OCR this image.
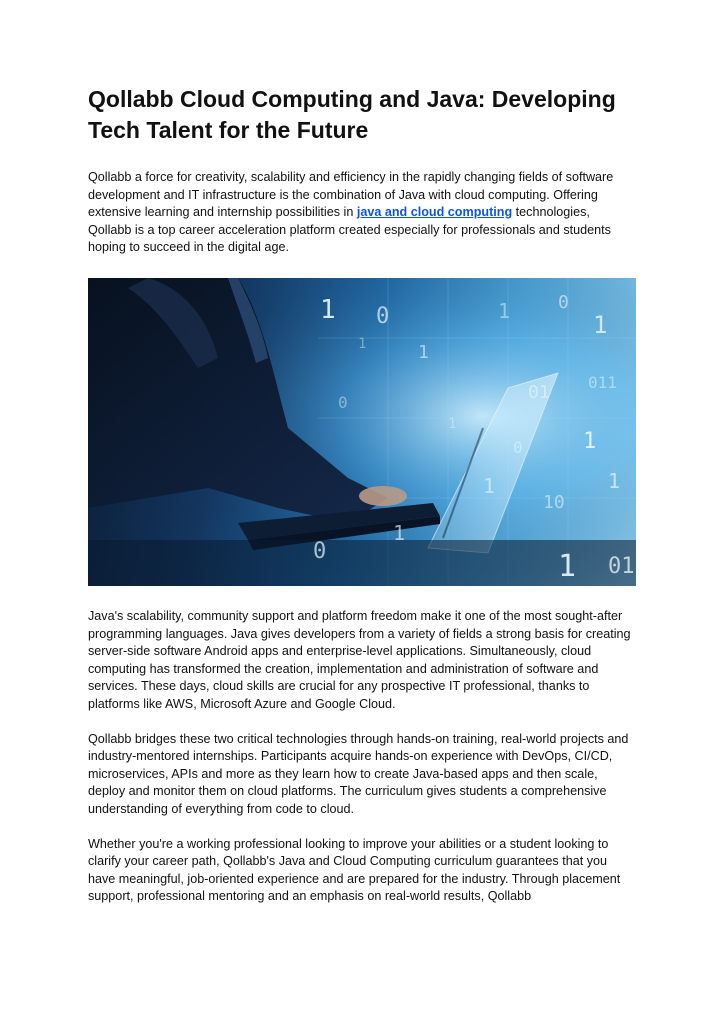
Qollabb Cloud Computing and Java: Developing Tech Talent for the Future

Qollabb a force for creativity, scalability and efficiency in the rapidly changing fields of software development and IT infrastructure is the combination of Java with cloud computing. Offering extensive learning and internship possibilities in java and cloud computing technologies, Qollabb is a top career acceleration platform created especially for professionals and students hoping to succeed in the digital age.

1 0
1
1	0
1
01 011
1
0
1
10
1
0
1
1 01
1
0
1

Java's scalability, community support and platform freedom make it one of the most sought-after programming languages. Java gives developers from a variety of fields a strong basis for creating server-side software Android apps and enterprise-level applications. Simultaneously, cloud computing has transformed the creation, implementation and administration of software and services. These days, cloud skills are crucial for any prospective IT professional, thanks to platforms like AWS, Microsoft Azure and Google Cloud.

Qollabb bridges these two critical technologies through hands-on training, real-world projects and industry-mentored internships. Participants acquire hands-on experience with DevOps, CI/CD, microservices, APIs and more as they learn how to create Java-based apps and then scale, deploy and monitor them on cloud platforms. The curriculum gives students a comprehensive understanding of everything from code to cloud.

Whether you're a working professional looking to improve your abilities or a student looking to clarify your career path, Qollabb's Java and Cloud Computing curriculum guarantees that you have meaningful, job-oriented experience and are prepared for the industry. Through placement support, professional mentoring and an emphasis on real-world results, Qollabb
